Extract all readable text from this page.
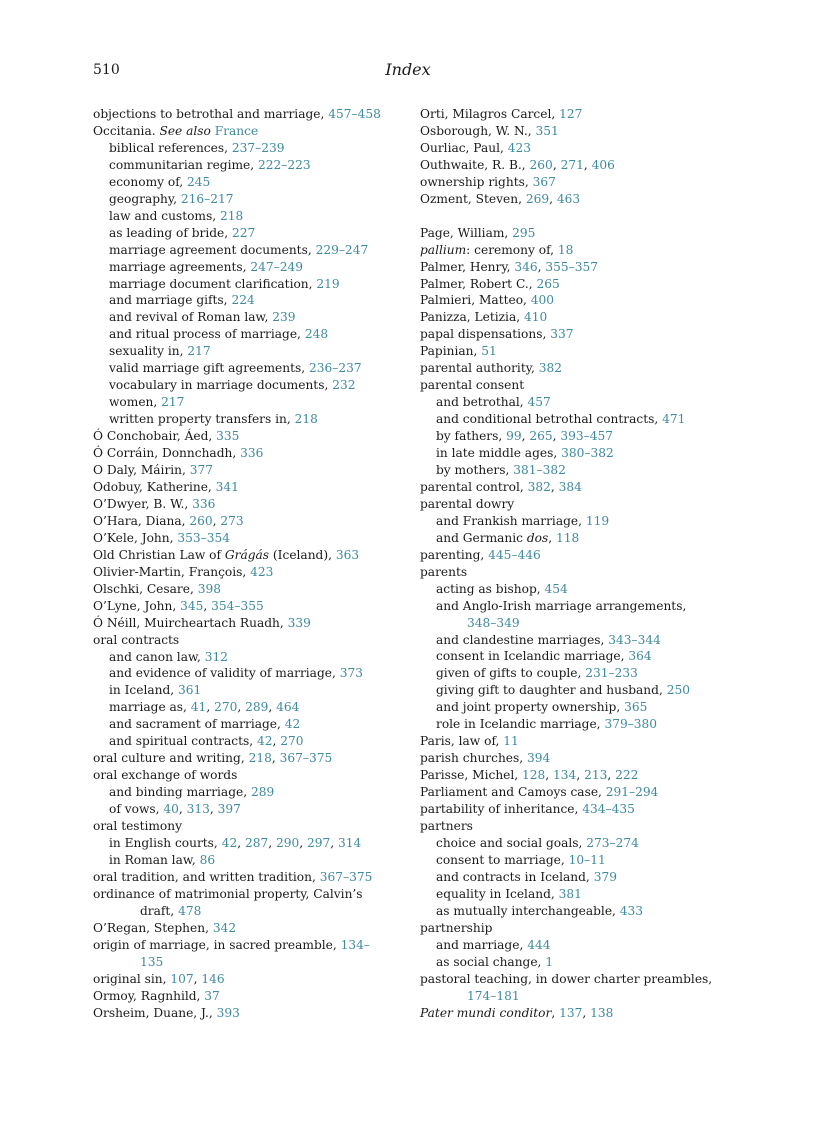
510	Index
objections to betrothal and marriage, 457–458
Occitania. See also France
biblical references, 237–239
communitarian regime, 222–223
economy of, 245
geography, 216–217
law and customs, 218
as leading of bride, 227
marriage agreement documents, 229–247
marriage agreements, 247–249
marriage document clarification, 219
and marriage gifts, 224
and revival of Roman law, 239
and ritual process of marriage, 248
sexuality in, 217
valid marriage gift agreements, 236–237
vocabulary in marriage documents, 232
women, 217
written property transfers in, 218
Ó Conchobair, Áed, 335
Ó Corráin, Donnchadh, 336
O Daly, Máirin, 377
Odobuy, Katherine, 341
O’Dwyer, B. W., 336
O’Hara, Diana, 260, 273
O’Kele, John, 353–354
Old Christian Law of Grágás (Iceland), 363
Olivier-Martin, François, 423
Olschki, Cesare, 398
O’Lyne, John, 345, 354–355
Ó Néill, Muircheartach Ruadh, 339
oral contracts
and canon law, 312
and evidence of validity of marriage, 373
in Iceland, 361
marriage as, 41, 270, 289, 464
and sacrament of marriage, 42
and spiritual contracts, 42, 270
oral culture and writing, 218, 367–375
oral exchange of words
and binding marriage, 289
of vows, 40, 313, 397
oral testimony
in English courts, 42, 287, 290, 297, 314
in Roman law, 86
oral tradition, and written tradition, 367–375
ordinance of matrimonial property, Calvin’s
draft, 478
O’Regan, Stephen, 342
origin of marriage, in sacred preamble, 134–
135
original sin, 107, 146
Ormoy, Ragnhild, 37
Orsheim, Duane, J., 393
Orti, Milagros Carcel, 127
Osborough, W. N., 351
Ourliac, Paul, 423
Outhwaite, R. B., 260, 271, 406
ownership rights, 367
Ozment, Steven, 269, 463
Page, William, 295
pallium: ceremony of, 18
Palmer, Henry, 346, 355–357
Palmer, Robert C., 265
Palmieri, Matteo, 400
Panizza, Letizia, 410
papal dispensations, 337
Papinian, 51
parental authority, 382
parental consent
and betrothal, 457
and conditional betrothal contracts, 471
by fathers, 99, 265, 393–457
in late middle ages, 380–382
by mothers, 381–382
parental control, 382, 384
parental dowry
and Frankish marriage, 119
and Germanic dos, 118
parenting, 445–446
parents
acting as bishop, 454
and Anglo-Irish marriage arrangements,
348–349
and clandestine marriages, 343–344
consent in Icelandic marriage, 364
given of gifts to couple, 231–233
giving gift to daughter and husband, 250
and joint property ownership, 365
role in Icelandic marriage, 379–380
Paris, law of, 11
parish churches, 394
Parisse, Michel, 128, 134, 213, 222
Parliament and Camoys case, 291–294
partability of inheritance, 434–435
partners
choice and social goals, 273–274
consent to marriage, 10–11
and contracts in Iceland, 379
equality in Iceland, 381
as mutually interchangeable, 433
partnership
and marriage, 444
as social change, 1
pastoral teaching, in dower charter preambles,
174–181
Pater mundi conditor, 137, 138
